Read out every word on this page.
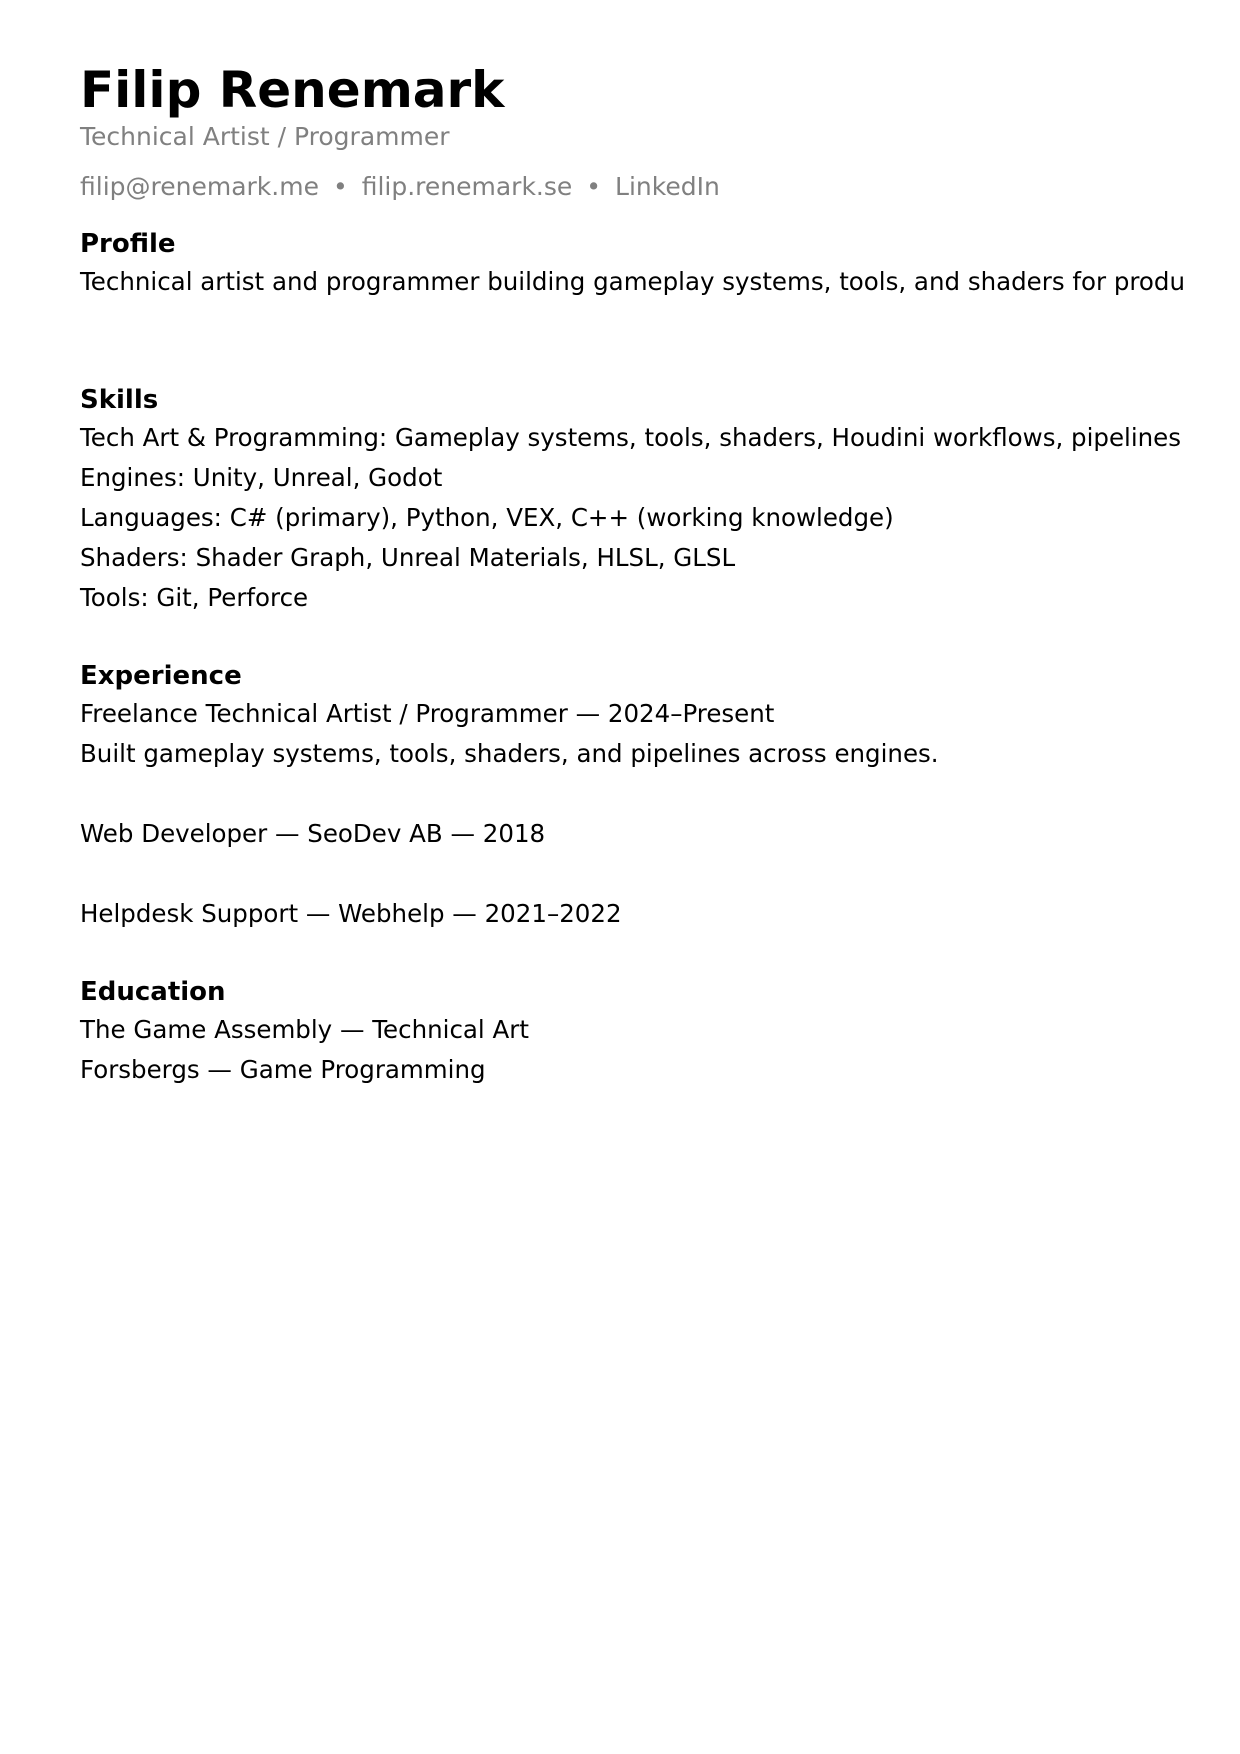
Filip Renemark
Technical Artist / Programmer
filip@renemark.me • filip.renemark.se • LinkedIn
Profile
Technical artist and programmer building gameplay systems, tools, and shaders for produ
Skills
Tech Art & Programming: Gameplay systems, tools, shaders, Houdini workflows, pipelines
Engines: Unity, Unreal, Godot
Languages: C# (primary), Python, VEX, C++ (working knowledge)
Shaders: Shader Graph, Unreal Materials, HLSL, GLSL
Tools: Git, Perforce
Experience
Freelance Technical Artist / Programmer — 2024–Present
Built gameplay systems, tools, shaders, and pipelines across engines.
Web Developer — SeoDev AB — 2018
Helpdesk Support — Webhelp — 2021–2022
Education
The Game Assembly — Technical Art
Forsbergs — Game Programming
